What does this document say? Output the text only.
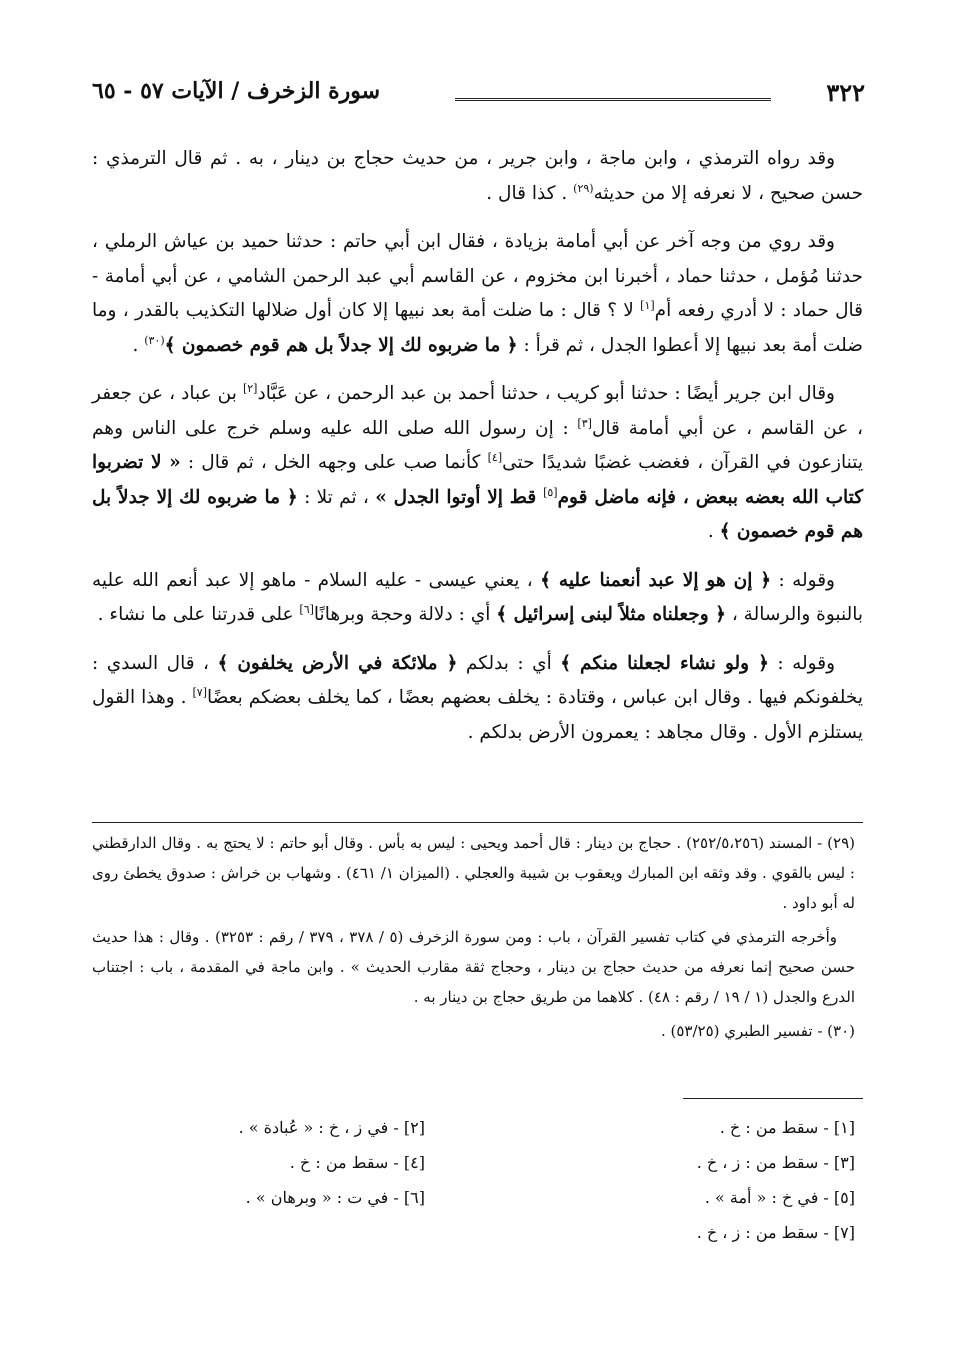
٣٢٢
سورة الزخرف / الآيات ٥٧ - ٦٥

وقد رواه الترمذي ، وابن ماجة ، وابن جرير ، من حديث حجاج بن دينار ، به . ثم قال الترمذي : حسن صحيح ، لا نعرفه إلا من حديثه$^{(٢٩)}$ . كذا قال .

وقد روي من وجه آخر عن أبي أمامة بزيادة ، فقال ابن أبي حاتم : حدثنا حميد بن عياش الرملي ، حدثنا مُؤمل ، حدثنا حماد ، أخبرنا ابن مخزوم ، عن القاسم أبي عبد الرحمن الشامي ، عن أبي أمامة - قال حماد : لا أدري رفعه أم[١] لا ؟ قال : ما ضلت أمة بعد نبيها إلا كان أول ضلالها التكذيب بالقدر ، وما ضلت أمة بعد نبيها إلا أعطوا الجدل ، ثم قرأ : ﴿ ما ضربوه لك إلا جدلاً بل هم قوم خصمون ﴾$^{(٣٠)}$ .

وقال ابن جرير أيضًا : حدثنا أبو كريب ، حدثنا أحمد بن عبد الرحمن ، عن عَبَّاد[٢] بن عباد ، عن جعفر ، عن القاسم ، عن أبي أمامة قال[٣] : إن رسول الله صلى الله عليه وسلم خرج على الناس وهم يتنازعون في القرآن ، فغضب غضبًا شديدًا حتى[٤] كأنما صب على وجهه الخل ، ثم قال : « لا تضربوا كتاب الله بعضه ببعض ، فإنه ماضل قوم[٥] قط إلا أوتوا الجدل » ، ثم تلا : ﴿ ما ضربوه لك إلا جدلاً بل هم قوم خصمون ﴾ .

وقوله : ﴿ إن هو إلا عبد أنعمنا عليه ﴾ ، يعني عيسى - عليه السلام - ماهو إلا عبد أنعم الله عليه بالنبوة والرسالة ، ﴿ وجعلناه مثلاً لبنى إسرائيل ﴾ أي : دلالة وحجة وبرهانًا[٦] على قدرتنا على ما نشاء .

وقوله : ﴿ ولو نشاء لجعلنا منكم ﴾ أي : بدلكم ﴿ ملائكة في الأرض يخلفون ﴾ ، قال السدي : يخلفونكم فيها . وقال ابن عباس ، وقتادة : يخلف بعضهم بعضًا ، كما يخلف بعضكم بعضًا[٧] . وهذا القول يستلزم الأول . وقال مجاهد : يعمرون الأرض بدلكم .

(٢٩) - المسند (٢٥٢/٥،٢٥٦) . حجاج بن دينار : قال أحمد ويحيى : ليس به بأس . وقال أبو حاتم : لا يحتج به . وقال الدارقطني : ليس بالقوي . وقد وثقه ابن المبارك ويعقوب بن شيبة والعجلي . (الميزان ١/ ٤٦١) . وشهاب بن خراش : صدوق يخطئ روى له أبو داود .

وأخرجه الترمذي في كتاب تفسير القرآن ، باب : ومن سورة الزخرف (٥ / ٣٧٨ ، ٣٧٩ / رقم : ٣٢٥٣) . وقال : هذا حديث حسن صحيح إنما نعرفه من حديث حجاج بن دينار ، وحجاج ثقة مقارب الحديث » . وابن ماجة في المقدمة ، باب : اجتناب الدرع والجدل (١ / ١٩ / رقم : ٤٨) . كلاهما من طريق حجاج بن دينار به .

(٣٠) - تفسير الطبري (٥٣/٢٥) .

[١] - سقط من : خ .
[٣] - سقط من : ز ، خ .
[٥] - في خ : « أمة » .
[٧] - سقط من : ز ، خ .
[٢] - في ز ، خ : « عُبادة » .
[٤] - سقط من : خ .
[٦] - في ت : « وبرهان » .
